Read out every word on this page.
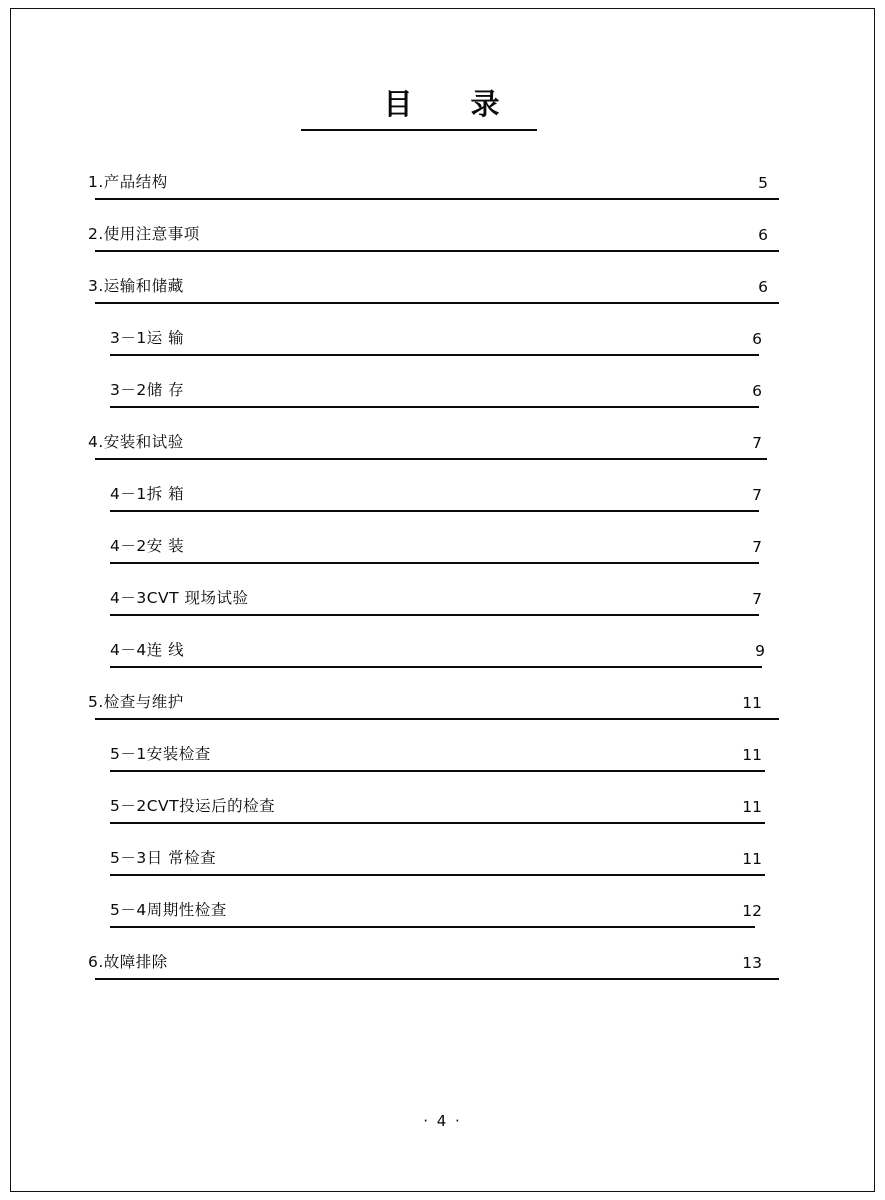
目 录
1.产品结构	5
2.使用注意事项	6
3.运输和储藏	6
3－1运 输	6
3－2储 存	6
4.安装和试验	7
4－1拆 箱	7
4－2安 装	7
4－3CVT 现场试验	7
4－4连 线	9
5.检查与维护	11
5－1安装检查	11
5－2CVT投运后的检查	11
5－3日 常检查	11
5－4周期性检查	12
6.故障排除	13
· 4 ·
